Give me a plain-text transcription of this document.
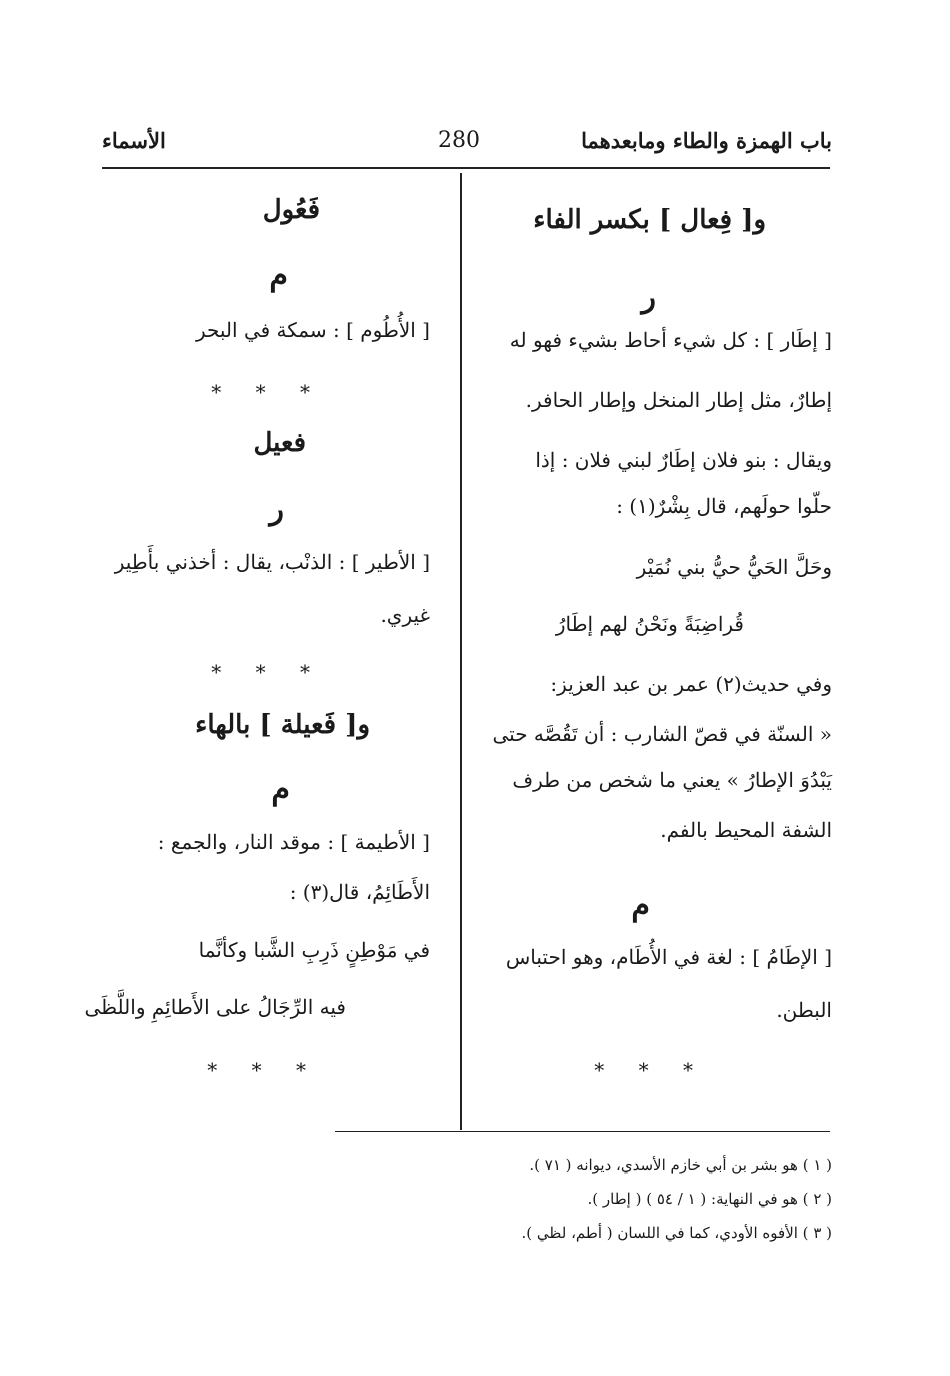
باب الهمزة والطاء ومابعدهما
280
الأسماء
و[ فِعال ] بكسر الفاء
ر
[ إطَار ] : كل شيء أحاط بشيء فهو له
إطارٌ، مثل إطار المنخل وإطار الحافر.
ويقال : بنو فلان إطَارٌ لبني فلان : إذا
حلّوا حولَهم، قال بِشْرٌ(١) :
وحَلَّ الحَيُّ حيُّ بني نُمَيْر
قُراضِبَةً ونَحْنُ لهم إطَارُ
وفي حديث(٢) عمر بن عبد العزيز:
« السنّة في قصّ الشارب : أن تَقُصَّه حتى
يَبْدُوَ الإطارُ » يعني ما شخص من طرف
الشفة المحيط بالفم.
م
[ الإطَامُ ] : لغة في الأُطَام، وهو احتباس
البطن.
* * *
فَعُول
م
[ الأُطُوم ] : سمكة في البحر
* * *
فعيل
ر
[ الأطير ] : الذنْب، يقال : أخذني بأَطِير
غيري.
* * *
و[ فَعيلة ] بالهاء
م
[ الأطيمة ] : موقد النار، والجمع :
الأَطَائِمُ، قال(٣) :
في مَوْطِنٍ ذَرِبِ الشَّبا وكأنَّما
فيه الرِّجَالُ على الأَطائِمِ واللَّظَى
* * *
( ١ ) هو بشر بن أبي خازم الأسدي، ديوانه ( ٧١ ).
( ٢ ) هو في النهاية: ( ١ / ٥٤ ) ( إطار ).
( ٣ ) الأفوه الأودي، كما في اللسان ( أطم، لظي ).
